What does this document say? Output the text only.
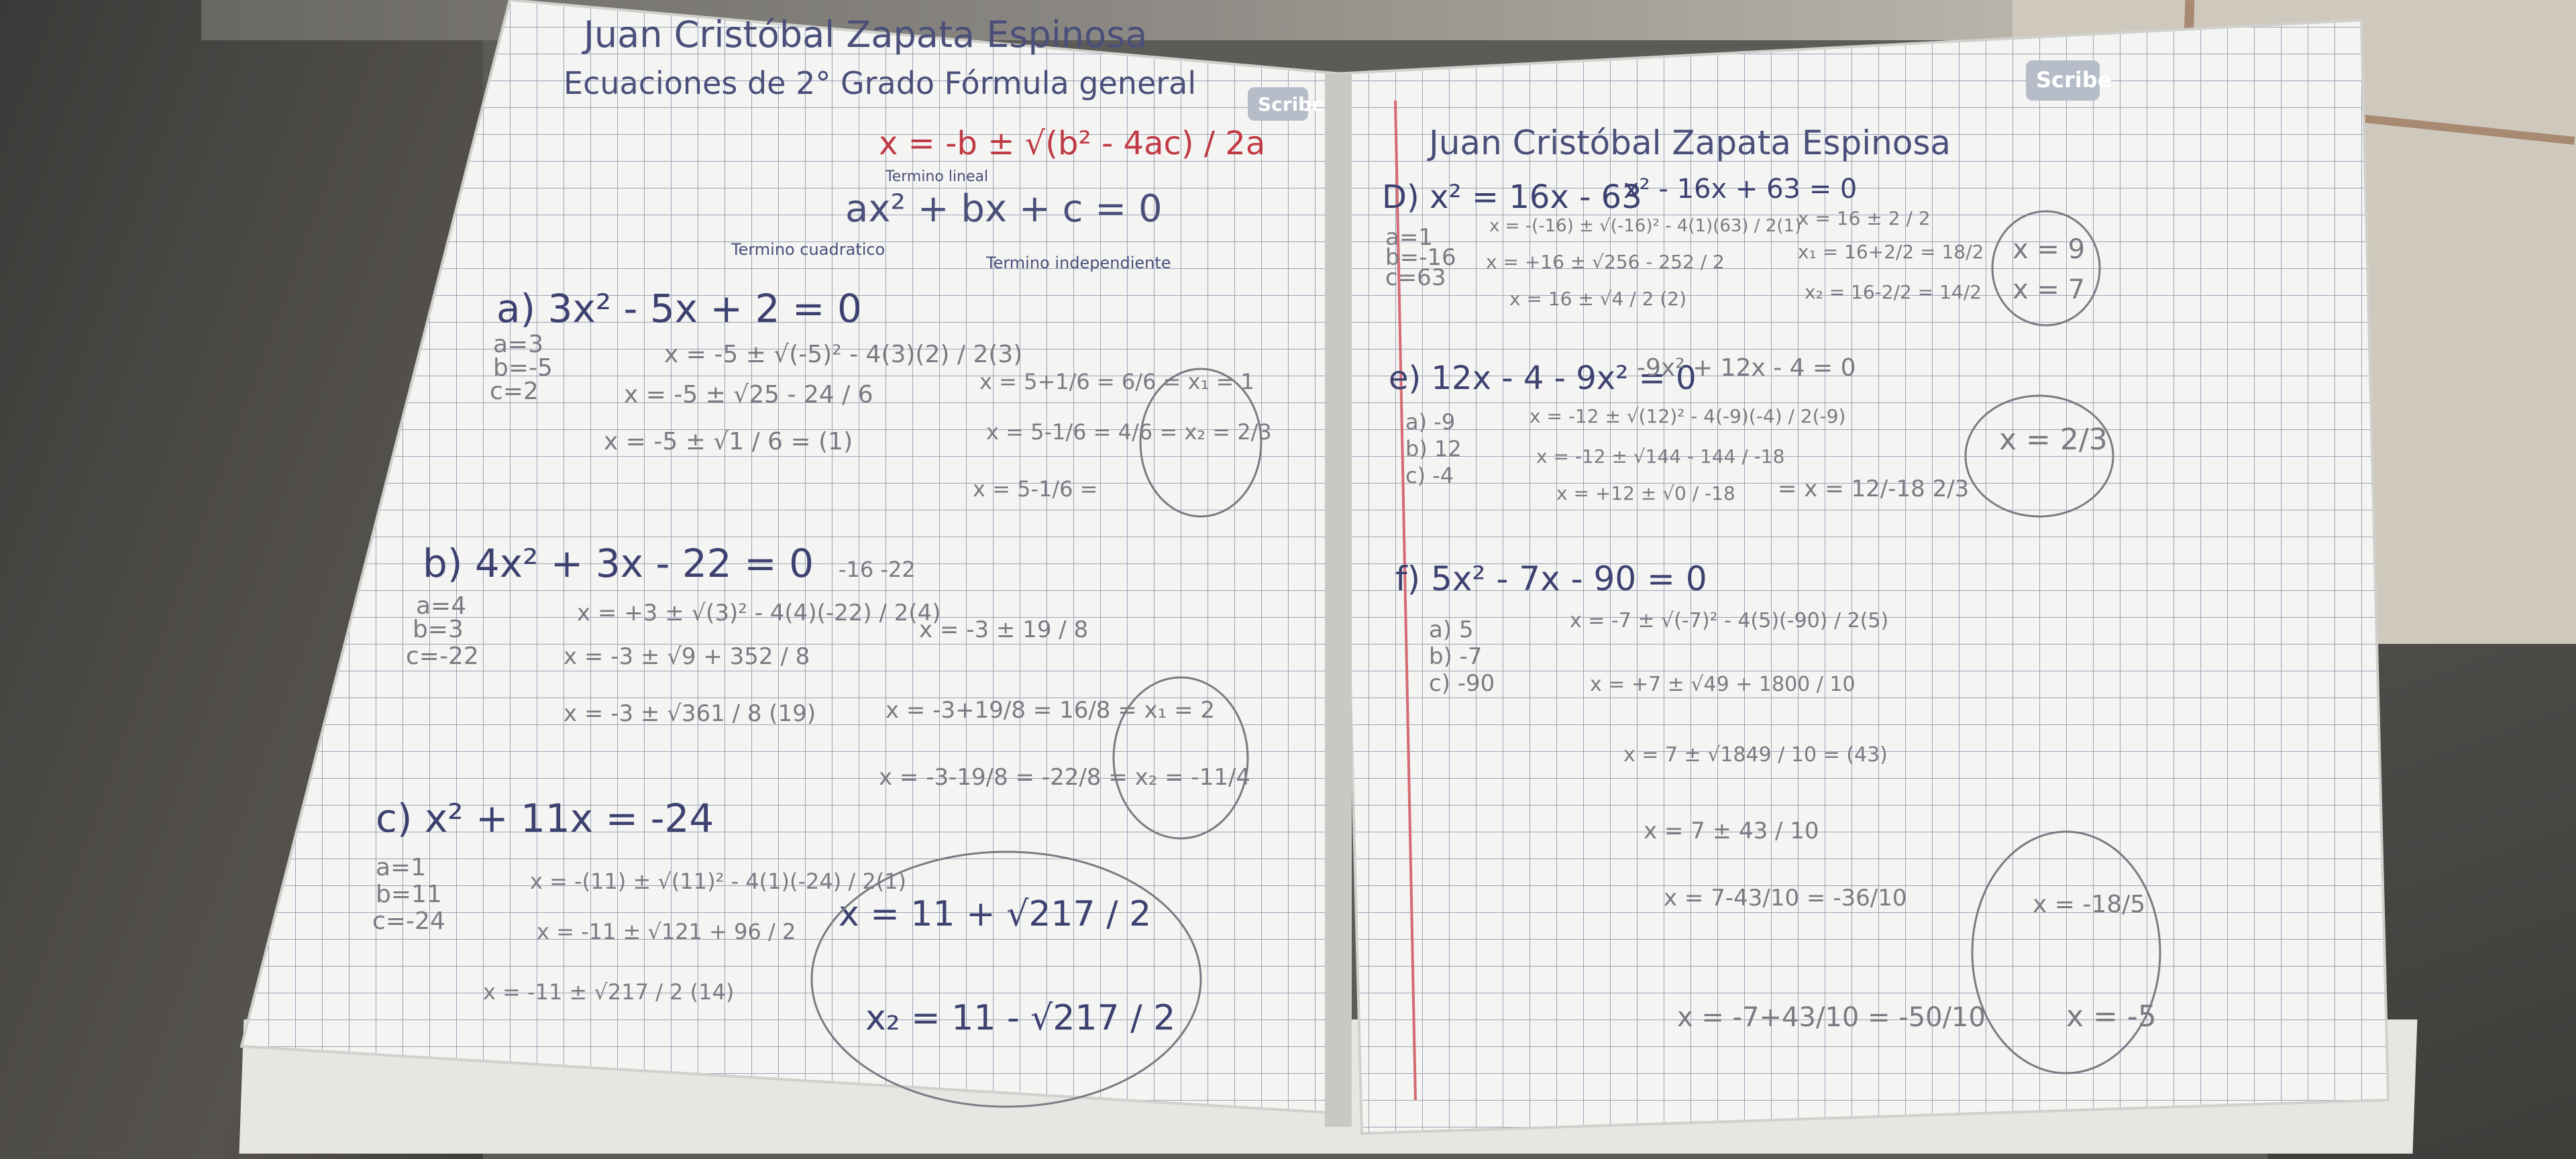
Scribe
Scribe
Juan Cristóbal Zapata Espinosa
Ecuaciones de 2° Grado Fórmula general
x = -b ± √(b² - 4ac) / 2a
ax² + bx + c = 0
Termino lineal
Termino cuadratico
Termino independiente
a) 3x² - 5x + 2 = 0
a=3
b=-5
c=2
x = -5 ± √(-5)² - 4(3)(2) / 2(3)
x = -5 ± √25 - 24 / 6
x = -5 ± √1 / 6 = (1)
x = 5+1/6 = 6/6 = x₁ = 1
x = 5-1/6 = 4/6 = x₂ = 2/3
x = 5-1/6 =
b) 4x² + 3x - 22 = 0 -16 -22
a=4
b=3
c=-22
x = +3 ± √(3)² - 4(4)(-22) / 2(4)
x = -3 ± √9 + 352 / 8
x = -3 ± √361 / 8 (19)
x = -3 ± 19 / 8
x = -3+19/8 = 16/8 = x₁ = 2
x = -3-19/8 = -22/8 = x₂ = -11/4
c) x² + 11x = -24
a=1
b=11
c=-24
x = -(11) ± √(11)² - 4(1)(-24) / 2(1)
x = -11 ± √121 + 96 / 2
x = -11 ± √217 / 2 (14)
x = 11 + √217 / 2
x₂ = 11 - √217 / 2
Juan Cristóbal Zapata Espinosa
D) x² = 16x - 63
x² - 16x + 63 = 0
a=1
b=-16
c=63
x = -(-16) ± √(-16)² - 4(1)(63) / 2(1)
x = +16 ± √256 - 252 / 2
x = 16 ± √4 / 2 (2)
x = 16 ± 2 / 2
x₁ = 16+2/2 = 18/2
x₂ = 16-2/2 = 14/2
x = 9
x = 7
e) 12x - 4 - 9x² = 0
-9x² + 12x - 4 = 0
a) -9
b) 12
c) -4
x = -12 ± √(12)² - 4(-9)(-4) / 2(-9)
x = -12 ± √144 - 144 / -18
x = +12 ± √0 / -18 = x = 12/-18 2/3
x = 2/3
f) 5x² - 7x - 90 = 0
a) 5
b) -7
c) -90
x = -7 ± √(-7)² - 4(5)(-90) / 2(5)
x = +7 ± √49 + 1800 / 10
x = 7 ± √1849 / 10 = (43)
x = 7 ± 43 / 10
x = 7-43/10 = -36/10
x = -7+43/10 = -50/10
x = -18/5
x = -5
